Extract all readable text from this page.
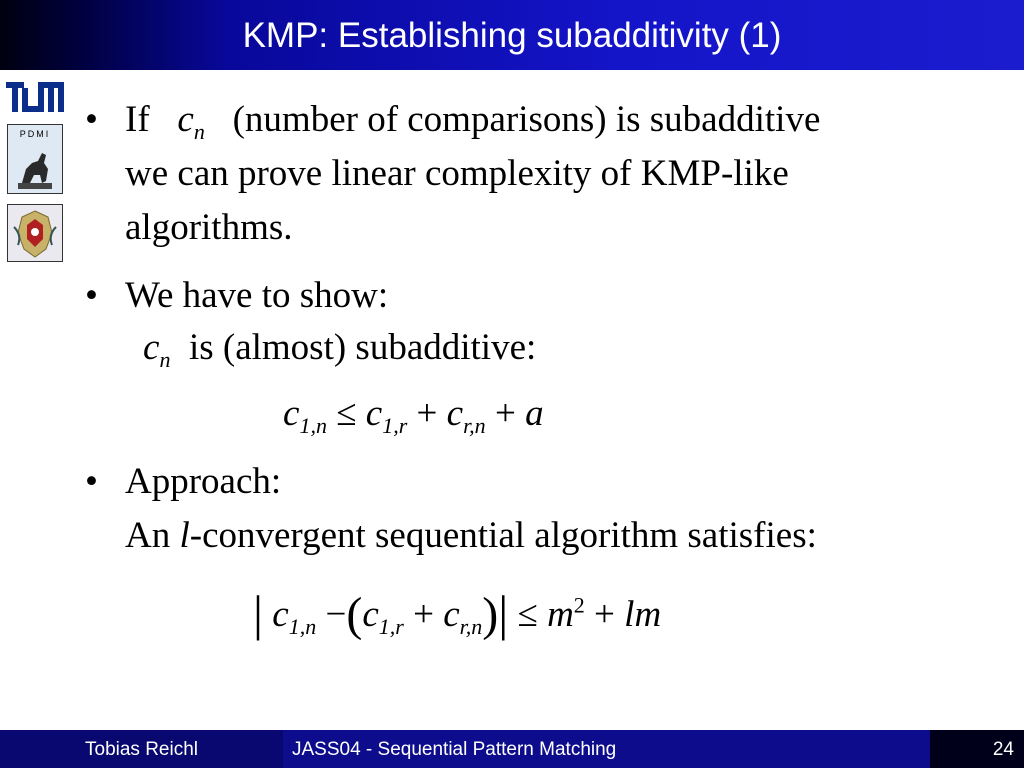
KMP: Establishing subadditivity (1)
PDMI • If $c_n$ (number of comparisons) is subadditive
we can prove linear complexity of KMP-like
algorithms.
• We have to show:
$c_n$ is (almost) subadditive:
$c_{1,n} \le c_{1,r} + c_{r,n} + a$
• Approach:
An l-convergent sequential algorithm satisfies:
| $c_{1,n} -(c_{1,r} + c_{r,n})| \le m^2$ + lm
Tobias Reichl	JASS04 - Sequential Pattern Matching	24
